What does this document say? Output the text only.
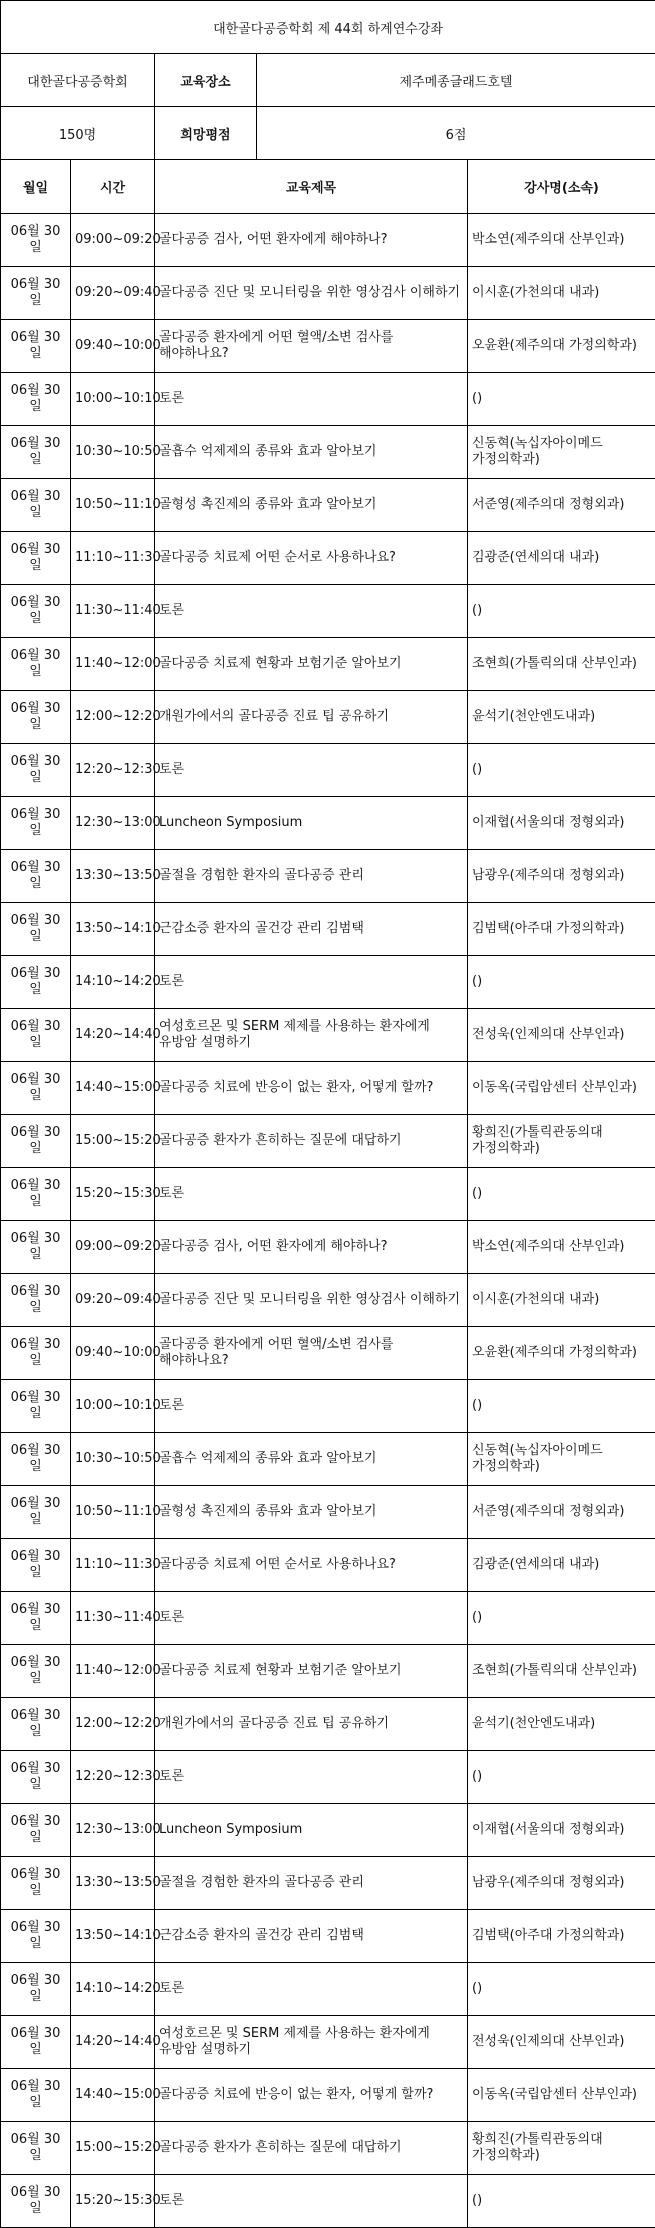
대한골다공증학회 제 44회 하계연수강좌				
대한골다공증학회		교육장소	제주메종글래드호텔	
150명		희망평점	6점	
월일	시간	교육제목		강사명(소속)
06월 30일	09:00~09:20	골다공증 검사, 어떤 환자에게 해야하나?		박소연(제주의대 산부인과)
06월 30일	09:20~09:40	골다공증 진단 및 모니터링을 위한 영상검사 이해하기		이시훈(가천의대 내과)
06월 30일	09:40~10:00	골다공증 환자에게 어떤 혈액/소변 검사를 해야하나요?		오윤환(제주의대 가정의학과)
06월 30일	10:00~10:10	토론		()
06월 30일	10:30~10:50	골흡수 억제제의 종류와 효과 알아보기		신동혁(녹십자아이메드 가정의학과)
06월 30일	10:50~11:10	골형성 촉진제의 종류와 효과 알아보기		서준영(제주의대 정형외과)
06월 30일	11:10~11:30	골다공증 치료제 어떤 순서로 사용하나요?		김광준(연세의대 내과)
06월 30일	11:30~11:40	토론		()
06월 30일	11:40~12:00	골다공증 치료제 현황과 보험기준 알아보기		조현희(가톨릭의대 산부인과)
06월 30일	12:00~12:20	개원가에서의 골다공증 진료 팁 공유하기		윤석기(천안엔도내과)
06월 30일	12:20~12:30	토론		()
06월 30일	12:30~13:00	Luncheon Symposium		이재협(서울의대 정형외과)
06월 30일	13:30~13:50	골절을 경험한 환자의 골다공증 관리		남광우(제주의대 정형외과)
06월 30일	13:50~14:10	근감소증 환자의 골건강 관리 김범택		김범택(아주대 가정의학과)
06월 30일	14:10~14:20	토론		()
06월 30일	14:20~14:40	여성호르몬 및 SERM 제제를 사용하는 환자에게 유방암 설명하기		전성욱(인제의대 산부인과)
06월 30일	14:40~15:00	골다공증 치료에 반응이 없는 환자, 어떻게 할까?		이동옥(국립암센터 산부인과)
06월 30일	15:00~15:20	골다공증 환자가 흔히하는 질문에 대답하기		황희진(가톨릭관동의대 가정의학과)
06월 30일	15:20~15:30	토론		()
06월 30일	09:00~09:20	골다공증 검사, 어떤 환자에게 해야하나?		박소연(제주의대 산부인과)
06월 30일	09:20~09:40	골다공증 진단 및 모니터링을 위한 영상검사 이해하기		이시훈(가천의대 내과)
06월 30일	09:40~10:00	골다공증 환자에게 어떤 혈액/소변 검사를 해야하나요?		오윤환(제주의대 가정의학과)
06월 30일	10:00~10:10	토론		()
06월 30일	10:30~10:50	골흡수 억제제의 종류와 효과 알아보기		신동혁(녹십자아이메드 가정의학과)
06월 30일	10:50~11:10	골형성 촉진제의 종류와 효과 알아보기		서준영(제주의대 정형외과)
06월 30일	11:10~11:30	골다공증 치료제 어떤 순서로 사용하나요?		김광준(연세의대 내과)
06월 30일	11:30~11:40	토론		()
06월 30일	11:40~12:00	골다공증 치료제 현황과 보험기준 알아보기		조현희(가톨릭의대 산부인과)
06월 30일	12:00~12:20	개원가에서의 골다공증 진료 팁 공유하기		윤석기(천안엔도내과)
06월 30일	12:20~12:30	토론		()
06월 30일	12:30~13:00	Luncheon Symposium		이재협(서울의대 정형외과)
06월 30일	13:30~13:50	골절을 경험한 환자의 골다공증 관리		남광우(제주의대 정형외과)
06월 30일	13:50~14:10	근감소증 환자의 골건강 관리 김범택		김범택(아주대 가정의학과)
06월 30일	14:10~14:20	토론		()
06월 30일	14:20~14:40	여성호르몬 및 SERM 제제를 사용하는 환자에게 유방암 설명하기		전성욱(인제의대 산부인과)
06월 30일	14:40~15:00	골다공증 치료에 반응이 없는 환자, 어떻게 할까?		이동옥(국립암센터 산부인과)
06월 30일	15:00~15:20	골다공증 환자가 흔히하는 질문에 대답하기		황희진(가톨릭관동의대 가정의학과)
06월 30일	15:20~15:30	토론		()
